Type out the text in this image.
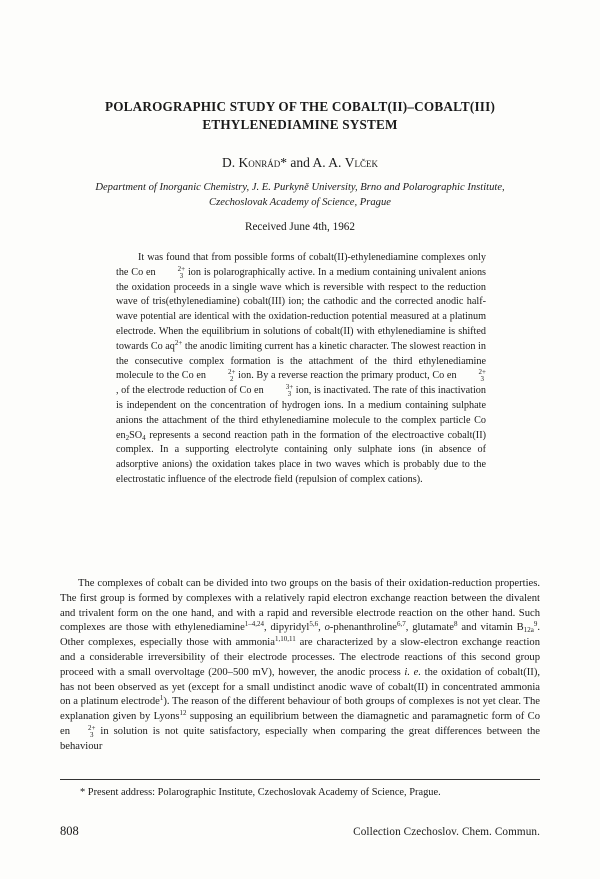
POLAROGRAPHIC STUDY OF THE COBALT(II)–COBALT(III)
ETHYLENEDIAMINE SYSTEM
D. Konrád* and A. A. Vlček
Department of Inorganic Chemistry, J. E. Purkyně University, Brno and Polarographic Institute,
Czechoslovak Academy of Science, Prague
Received June 4th, 1962

It was found that from possible forms of cobalt(II)-ethylenediamine complexes only the Co en	2+
3 ion is polarographically active. In a medium containing univalent anions the oxidation proceeds in a single wave which is reversible with respect to the reduction wave of tris(ethylenediamine) cobalt(III) ion; the cathodic and the corrected anodic half-wave potential are identical with the oxidation-reduction potential measured at a platinum electrode. When the equilibrium in solutions of cobalt(II) with ethylenediamine is shifted towards Co $aq^{2+}$ the anodic limiting current has a kinetic character. The slowest reaction in the consecutive complex formation is the attachment of the third ethylenediamine molecule to the Co en	2+
2 ion. By a reverse reaction the primary product, Co en	2+
3
, of the electrode reduction of Co en	3+
3 ion, is inactivated. The rate of this inactivation is independent on the concentration of hydrogen ions. In a medium containing sulphate anions the attachment of the third ethylenediamine molecule to the complex particle Co $en_2SO_4$ represents a second reaction path in the formation of the electroactive cobalt(II) complex. In a supporting electrolyte containing only sulphate ions (in absence of adsorptive anions) the oxidation takes place in two waves which is probably due to the electrostatic influence of the electrode field (repulsion of complex cations).

The complexes of cobalt can be divided into two groups on the basis of their oxidation-reduction properties. The first group is formed by complexes with a relatively rapid electron exchange reaction between the divalent and trivalent form on the one hand, and with a rapid and reversible electrode reaction on the other hand. Such complexes are those with ethylenediamine$^{1-4,24}$, dipyridyl$^{5,6}$, o-phenanthroline$^{6,7}$, glutamate$^8$ and vitamin $B_{12a}^9$. Other complexes, especially those with ammonia$^{1,10,11}$ are characterized by a slow-electron exchange reaction and a considerable irreversibility of their electrode processes. The electrode reactions of this second group proceed with a small overvoltage (200–500 mV), however, the anodic process i. e. the oxidation of cobalt(II), has not been observed as yet (except for a small undistinct anodic wave of cobalt(II) in concentrated ammonia on a platinum electrode$^1$). The reason of the different behaviour of both groups of complexes is not yet clear. The explanation given by Lyons$^{12}$ supposing an equilibrium between the diamagnetic and paramagnetic form of Co en	2+
3 in solution is not quite satisfactory, especially when comparing the great differences between the behaviour

* Present address: Polarographic Institute, Czechoslovak Academy of Science, Prague.
808	Collection Czechoslov. Chem. Commun.
